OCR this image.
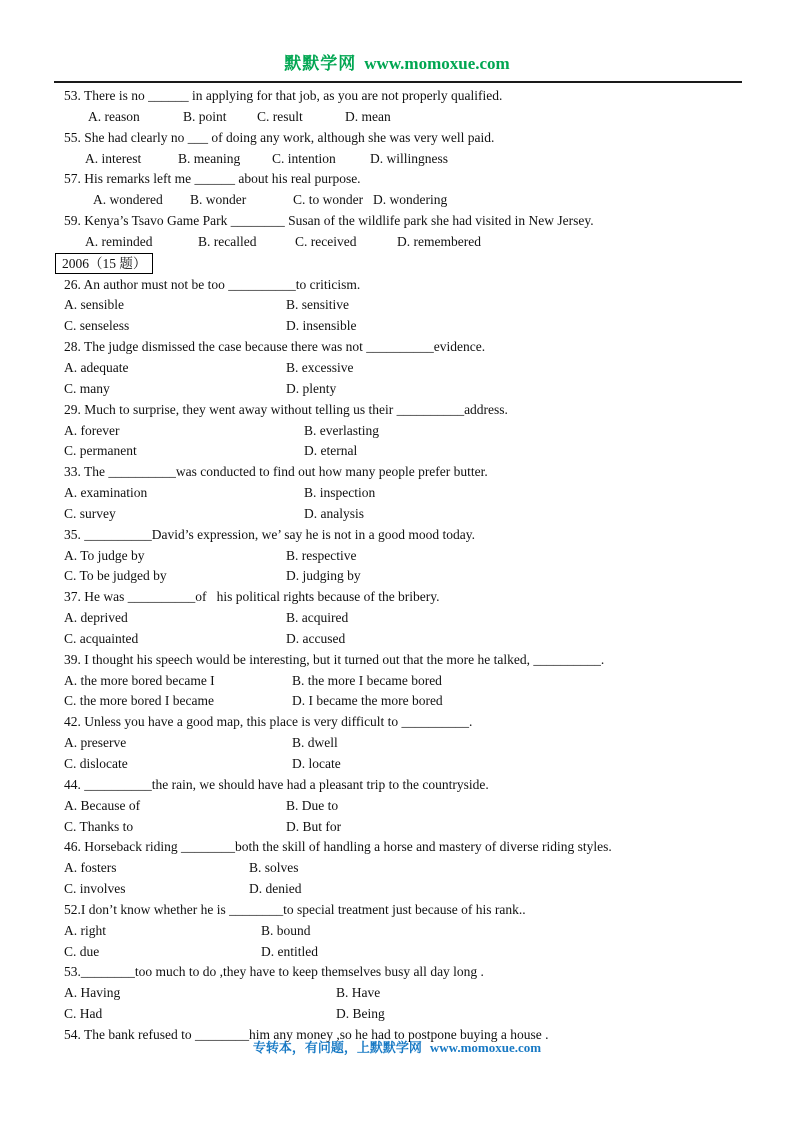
默默学网 www.momoxue.com
53. There is no ______ in applying for that job, as you are not properly qualified.
A. reason	B. point C. result	D. mean
55. She had clearly no ___ of doing any work, although she was very well paid.
A. interest	B. meaning C. intention	D. willingness
57. His remarks left me ______ about his real purpose.
A. wondered B. wonder	C. to wonder D. wondering
59. Kenya’s Tsavo Game Park ________ Susan of the wildlife park she had visited in New Jersey.
A. reminded	B. recalled	C. received	D. remembered
2006（15 题）
26. An author must not be too __________to criticism.
A. sensible	B. sensitive
C. senseless	D. insensible
28. The judge dismissed the case because there was not __________evidence.
A. adequate	B. excessive
C. many	D. plenty
29. Much to surprise, they went away without telling us their __________address.
A. forever	B. everlasting
C. permanent	D. eternal
33. The __________was conducted to find out how many people prefer butter.
A. examination	B. inspection
C. survey	D. analysis
35. __________David’s expression, we’ say he is not in a good mood today.
A. To judge by	B. respective
C. To be judged by	D. judging by
37. He was __________of   his political rights because of the bribery.
A. deprived	B. acquired
C. acquainted	D. accused
39. I thought his speech would be interesting, but it turned out that the more he talked, __________.
A. the more bored became I	B. the more I became bored
C. the more bored I became	D. I became the more bored
42. Unless you have a good map, this place is very difficult to __________.
A. preserve	B. dwell
C. dislocate	D. locate
44. __________the rain, we should have had a pleasant trip to the countryside.
A. Because of	B. Due to
C. Thanks to	D. But for
46. Horseback riding ________both the skill of handling a horse and mastery of diverse riding styles.
A. fosters	B. solves
C. involves	D. denied
52.I don’t know whether he is ________to special treatment just because of his rank..
A. right	B. bound
C. due	D. entitled
53.________too much to do ,they have to keep themselves busy all day long .
A. Having	B. Have
C. Had	D. Being
54. The bank refused to ________him any money ,so he had to postpone buying a house .
专转本，有问题，上默默学网 www.momoxue.com
